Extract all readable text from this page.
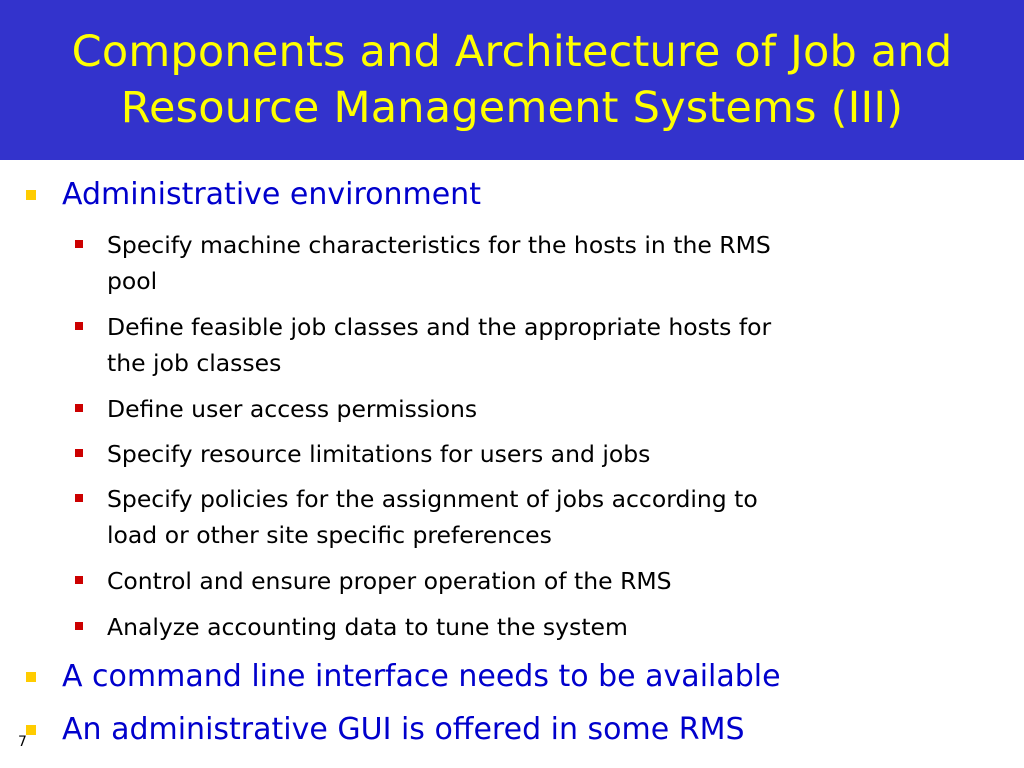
Components and Architecture of Job and
Resource Management Systems (III)
Administrative environment
Specify machine characteristics for the hosts in the RMS
pool
Define feasible job classes and the appropriate hosts for
the job classes
Define user access permissions
Specify resource limitations for users and jobs
Specify policies for the assignment of jobs according to
load or other site specific preferences
Control and ensure proper operation of the RMS
Analyze accounting data to tune the system
A command line interface needs to be available
An administrative GUI is offered in some RMS
7
